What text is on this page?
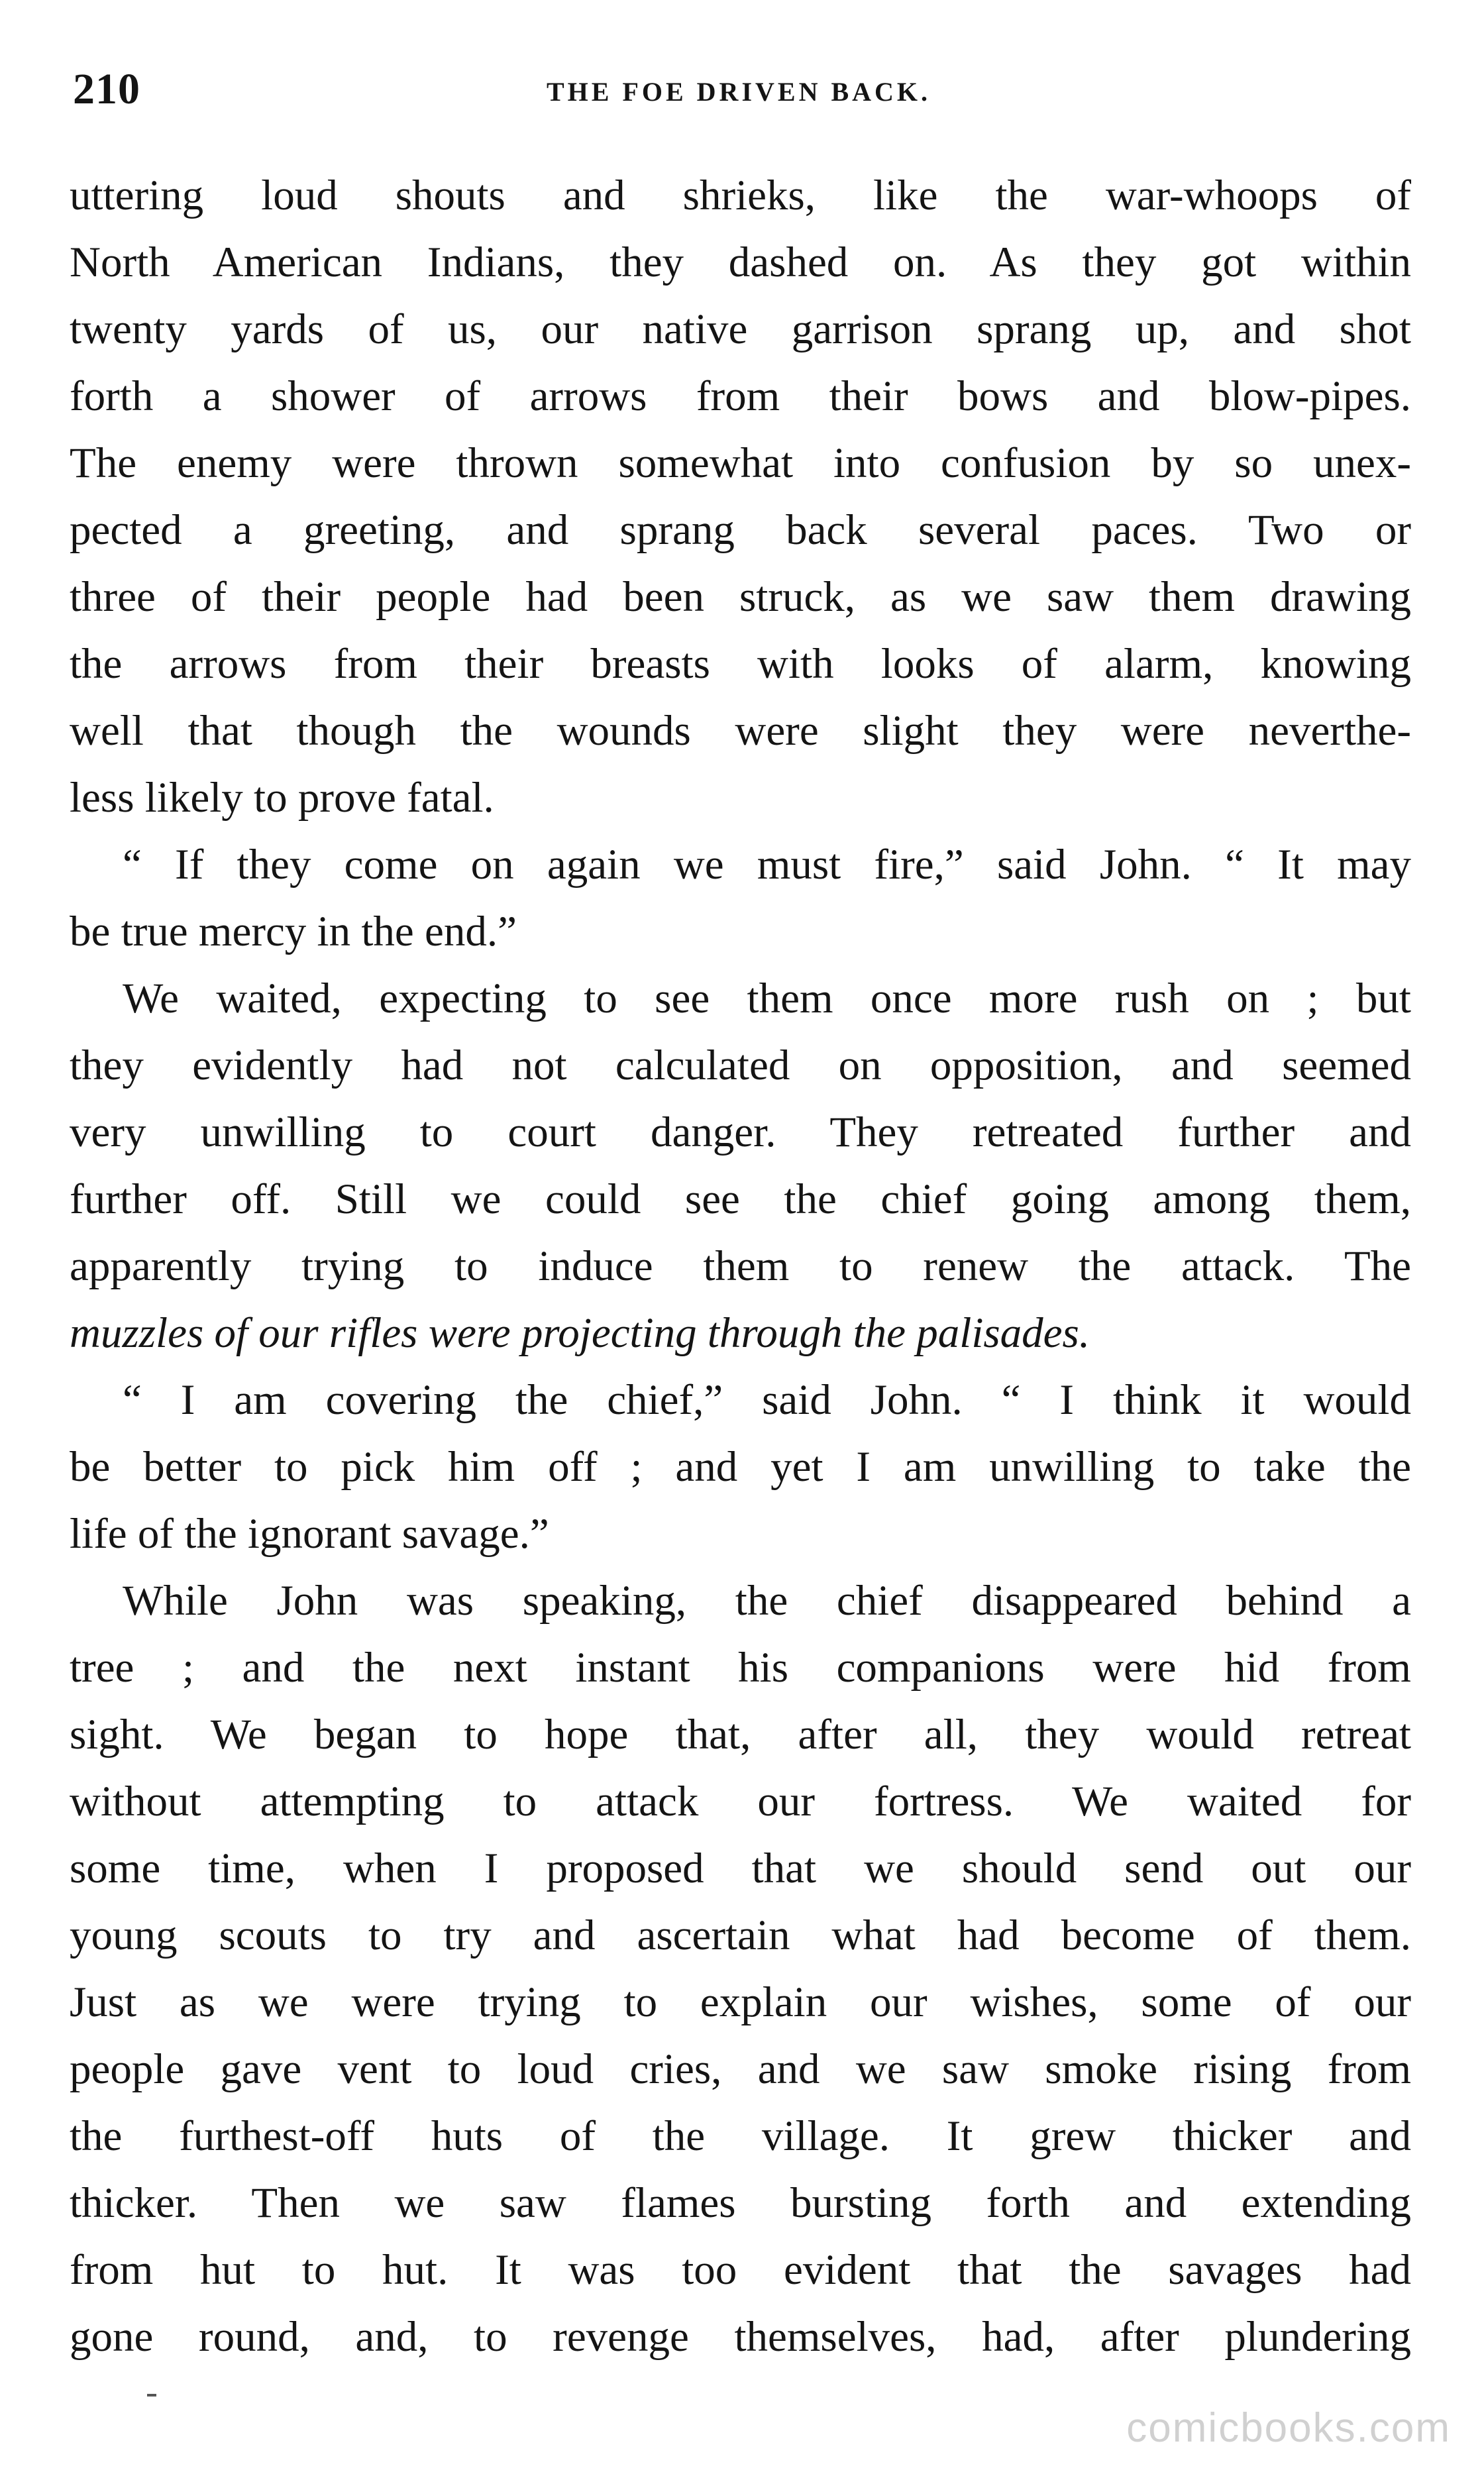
210	THE FOE DRIVEN BACK.
uttering loud shouts and shrieks, like the war-whoops of
North American Indians, they dashed on. As they got within
twenty yards of us, our native garrison sprang up, and shot
forth a shower of arrows from their bows and blow-pipes.
The enemy were thrown somewhat into confusion by so unex-
pected a greeting, and sprang back several paces. Two or
three of their people had been struck, as we saw them drawing
the arrows from their breasts with looks of alarm, knowing
well that though the wounds were slight they were neverthe-
less likely to prove fatal.
“ If they come on again we must fire,” said John. “ It may
be true mercy in the end.”
We waited, expecting to see them once more rush on ; but
they evidently had not calculated on opposition, and seemed
very unwilling to court danger. They retreated further and
further off. Still we could see the chief going among them,
apparently trying to induce them to renew the attack. The
muzzles of our rifles were projecting through the palisades.
“ I am covering the chief,” said John. “ I think it would
be better to pick him off ; and yet I am unwilling to take the
life of the ignorant savage.”
While John was speaking, the chief disappeared behind a
tree ; and the next instant his companions were hid from
sight. We began to hope that, after all, they would retreat
without attempting to attack our fortress. We waited for
some time, when I proposed that we should send out our
young scouts to try and ascertain what had become of them.
Just as we were trying to explain our wishes, some of our
people gave vent to loud cries, and we saw smoke rising from
the furthest-off huts of the village. It grew thicker and
thicker. Then we saw flames bursting forth and extending
from hut to hut. It was too evident that the savages had
gone round, and, to revenge themselves, had, after plundering
comicbooks.com
